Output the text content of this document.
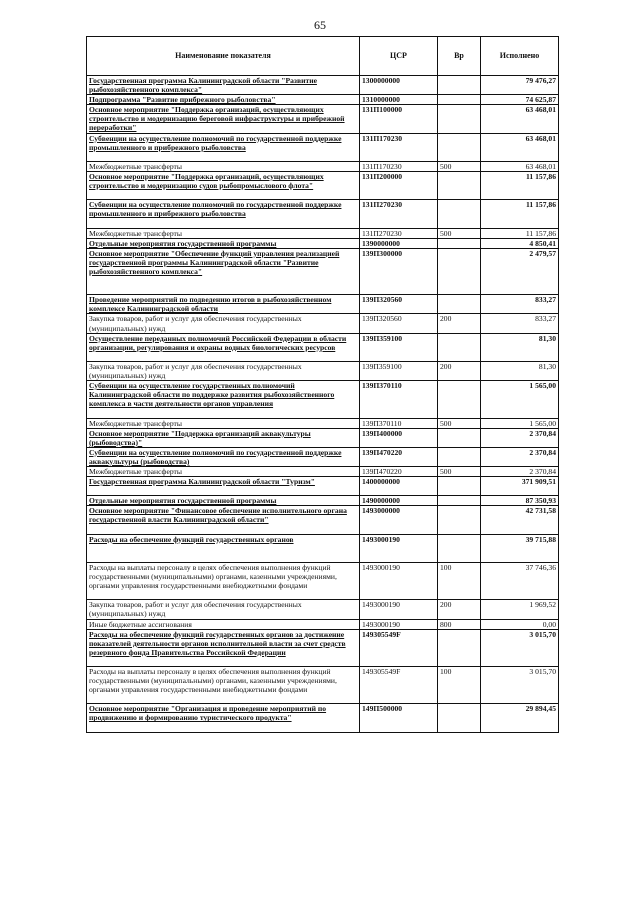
65
Наименование показателя	ЦСР	Вр	Исполнено
Государственная программа Калининградской области "Развитие рыбохозяйственного комплекса"	1300000000		79 476,27
Подпрограмма "Развитие прибрежного рыболовства"	1310000000		74 625,87
Основное мероприятие "Поддержка организаций, осуществляющих строительство и модернизацию береговой инфраструктуры и прибрежной переработки"	131П100000		63 468,01
Субвенции на осуществление полномочий по государственной поддержке промышленного и прибрежного рыболовства	131П170230		63 468,01
Межбюджетные трансферты	131П170230	500	63 468,01
Основное мероприятие "Поддержка организаций, осуществляющих строительство и модернизацию судов рыбопромыслового флота"	131П200000		11 157,86
Субвенции на осуществление полномочий по государственной поддержке промышленного и прибрежного рыболовства	131П270230		11 157,86
Межбюджетные трансферты	131П270230	500	11 157,86
Отдельные мероприятия государственной программы	1390000000		4 850,41
Основное мероприятие "Обеспечение функций управления реализацией государственной программы Калининградской области "Развитие рыбохозяйственного комплекса"	139П300000		2 479,57
Проведение мероприятий по подведению итогов в рыбохозяйственном комплексе Калининградской области	139П320560		833,27
Закупка товаров, работ и услуг для обеспечения государственных (муниципальных) нужд	139П320560	200	833,27
Осуществление переданных полномочий Российской Федерации в области организации, регулирования и охраны водных биологических ресурсов	139П359100		81,30
Закупка товаров, работ и услуг для обеспечения государственных (муниципальных) нужд	139П359100	200	81,30
Субвенции на осуществление государственных полномочий Калининградской области по поддержке развития рыбохозяйственного комплекса в части деятельности органов управления	139П370110		1 565,00
Межбюджетные трансферты	139П370110	500	1 565,00
Основное мероприятие "Поддержка организаций аквакультуры (рыбоводства)"	139П400000		2 370,84
Субвенции на осуществление полномочий по государственной поддержке аквакультуры (рыбоводства)	139П470220		2 370,84
Межбюджетные трансферты	139П470220	500	2 370,84
Государственная программа Калининградской области "Туризм"	1400000000		371 909,51
Отдельные мероприятия государственной программы	1490000000		87 350,93
Основное мероприятие "Финансовое обеспечение исполнительного органа государственной власти Калининградской области"	1493000000		42 731,58
Расходы на обеспечение функций государственных органов	1493000190		39 715,88
Расходы на выплаты персоналу в целях обеспечения выполнения функций государственными (муниципальными) органами, казенными учреждениями, органами управления государственными внебюджетными фондами	1493000190	100	37 746,36
Закупка товаров, работ и услуг для обеспечения государственных (муниципальных) нужд	1493000190	200	1 969,52
Иные бюджетные ассигнования	1493000190	800	0,00
Расходы на обеспечение функций государственных органов за достижение показателей деятельности органов исполнительной власти за счет средств резервного фонда Правительства Российской Федерации	149305549F		3 015,70
Расходы на выплаты персоналу в целях обеспечения выполнения функций государственными (муниципальными) органами, казенными учреждениями, органами управления государственными внебюджетными фондами	149305549F	100	3 015,70
Основное мероприятие "Организация и проведение мероприятий по продвижению и формированию туристического продукта"	149П500000		29 894,45
